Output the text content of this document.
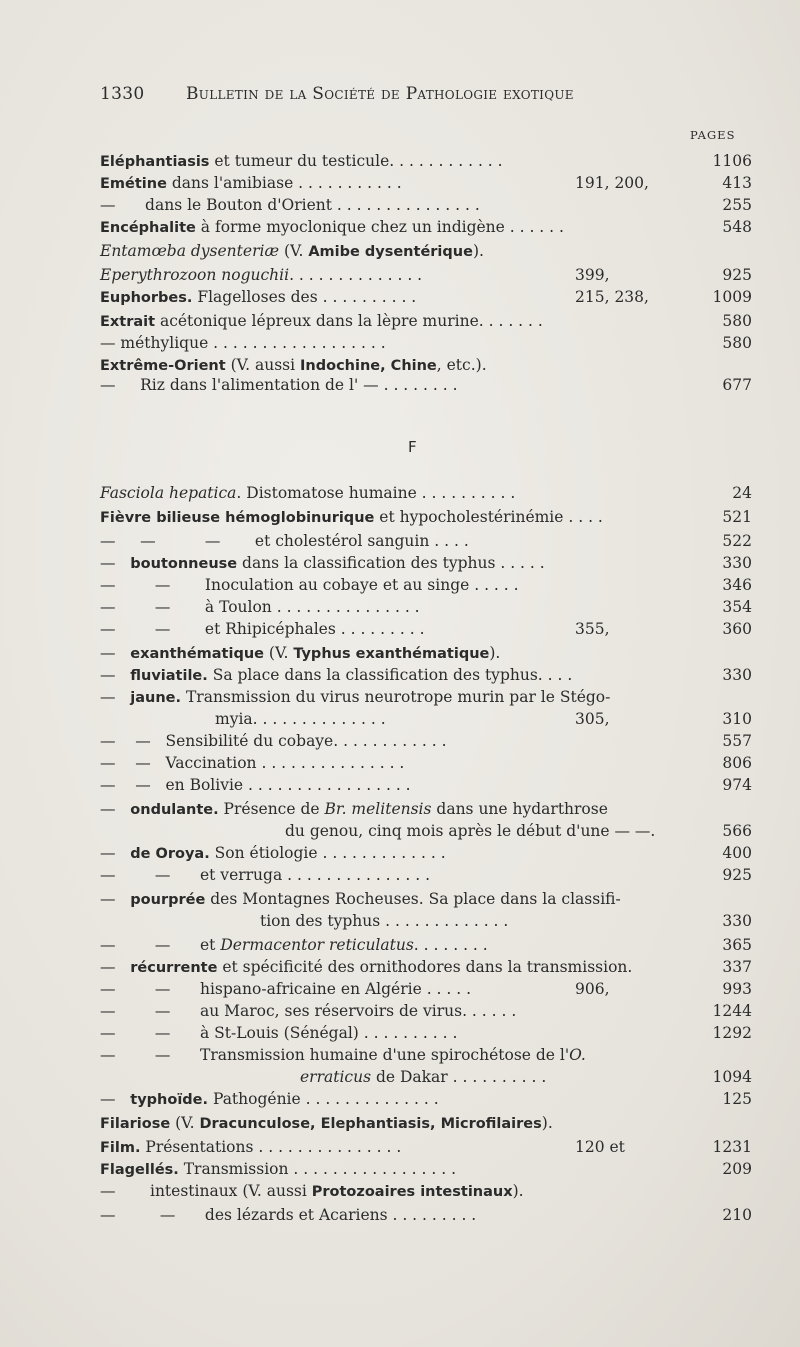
1330 Bulletin de la Société de Pathologie exotique
PAGES
F
Eléphantiasis et tumeur du testicule. . . . . . . . . . . .	1106
Emétine dans l'amibiase . . . . . . . . . . .	191, 200,	413
—      dans le Bouton d'Orient . . . . . . . . . . . . . . .	255
Encéphalite à forme myoclonique chez un indigène . . . . . .	548
Entamœba dysenteriæ (V. Amibe dysentérique).
Eperythrozoon noguchii. . . . . . . . . . . . . .	399,	925
Euphorbes. Flagelloses des . . . . . . . . . .	215, 238,	1009
Extrait acétonique lépreux dans la lèpre murine. . . . . . .	580
— méthylique . . . . . . . . . . . . . . . . . .	580
Extrême-Orient (V. aussi Indochine, Chine, etc.).
—     Riz dans l'alimentation de l' — . . . . . . . .	677
Fasciola hepatica. Distomatose humaine . . . . . . . . . .	24
Fièvre bilieuse hémoglobinurique et hypocholestérinémie . . . .	521
—     —          —       et cholestérol sanguin . . . .	522
—   boutonneuse dans la classification des typhus . . . . .	330
—        —       Inoculation au cobaye et au singe . . . . .	346
—        —       à Toulon . . . . . . . . . . . . . . .	354
—        —       et Rhipicéphales . . . . . . . . .	355,	360
—   exanthématique (V. Typhus exanthématique).
—   fluviatile. Sa place dans la classification des typhus. . . .	330
—   jaune. Transmission du virus neurotrope murin par le Stégo-
myia. . . . . . . . . . . . . .	305,	310
—    —   Sensibilité du cobaye. . . . . . . . . . . .	557
—    —   Vaccination . . . . . . . . . . . . . . .	806
—    —   en Bolivie . . . . . . . . . . . . . . . . .	974
—   ondulante. Présence de Br. melitensis dans une hydarthrose
du genou, cinq mois après le début d'une — —.	566
—   de Oroya. Son étiologie . . . . . . . . . . . . .	400
—        —      et verruga . . . . . . . . . . . . . . .	925
—   pourprée des Montagnes Rocheuses. Sa place dans la classifi-
tion des typhus . . . . . . . . . . . . .	330
—        —      et Dermacentor reticulatus. . . . . . . .	365
—   récurrente et spécificité des ornithodores dans la transmission.	337
—        —      hispano-africaine en Algérie . . . . .	906,	993
—        —      au Maroc, ses réservoirs de virus. . . . . .	1244
—        —      à St-Louis (Sénégal) . . . . . . . . . .	1292
—        —      Transmission humaine d'une spirochétose de l'O.
erraticus de Dakar . . . . . . . . . .	1094
—   typhoïde. Pathogénie . . . . . . . . . . . . . .	125
Filariose (V. Dracunculose, Elephantiasis, Microfilaires).
Film. Présentations . . . . . . . . . . . . . . .	120 et	1231
Flagellés. Transmission . . . . . . . . . . . . . . . . .	209
—       intestinaux (V. aussi Protozoaires intestinaux).
—         —      des lézards et Acariens . . . . . . . . .	210
